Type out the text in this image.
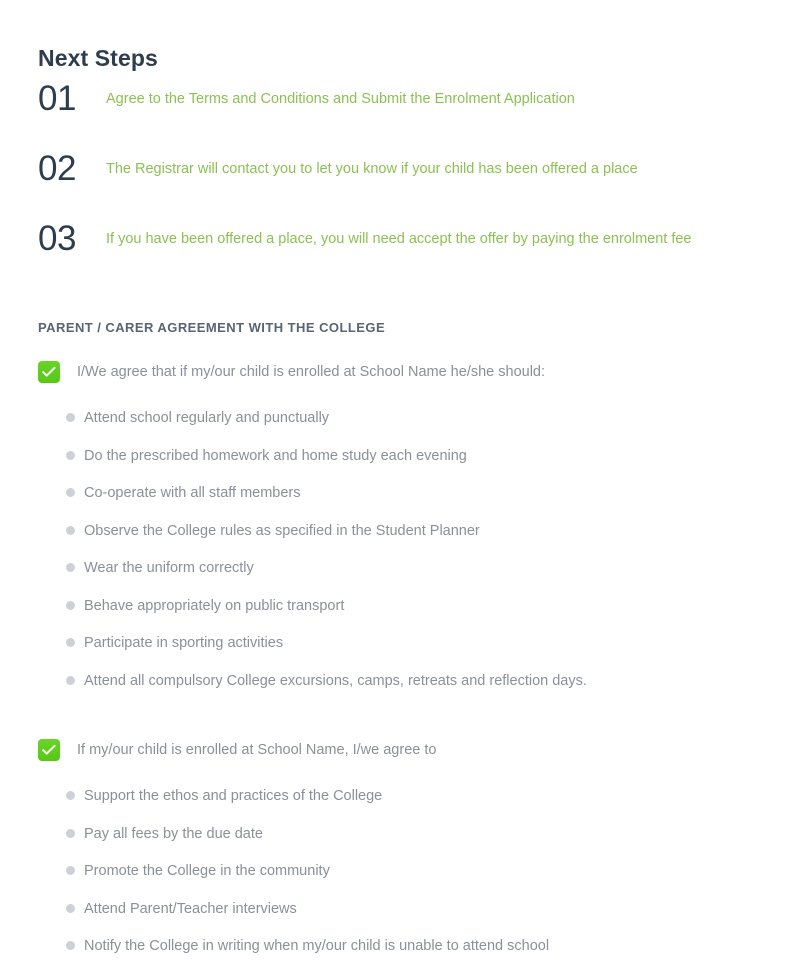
Next Steps
01	Agree to the Terms and Conditions and Submit the Enrolment Application
02	The Registrar will contact you to let you know if your child has been offered a place
03	If you have been offered a place, you will need accept the offer by paying the enrolment fee
PARENT / CARER AGREEMENT WITH THE COLLEGE
I/We agree that if my/our child is enrolled at School Name he/she should:
Attend school regularly and punctually
Do the prescribed homework and home study each evening
Co-operate with all staff members
Observe the College rules as specified in the Student Planner
Wear the uniform correctly
Behave appropriately on public transport
Participate in sporting activities
Attend all compulsory College excursions, camps, retreats and reflection days.
If my/our child is enrolled at School Name, I/we agree to
Support the ethos and practices of the College
Pay all fees by the due date
Promote the College in the community
Attend Parent/Teacher interviews
Notify the College in writing when my/our child is unable to attend school
